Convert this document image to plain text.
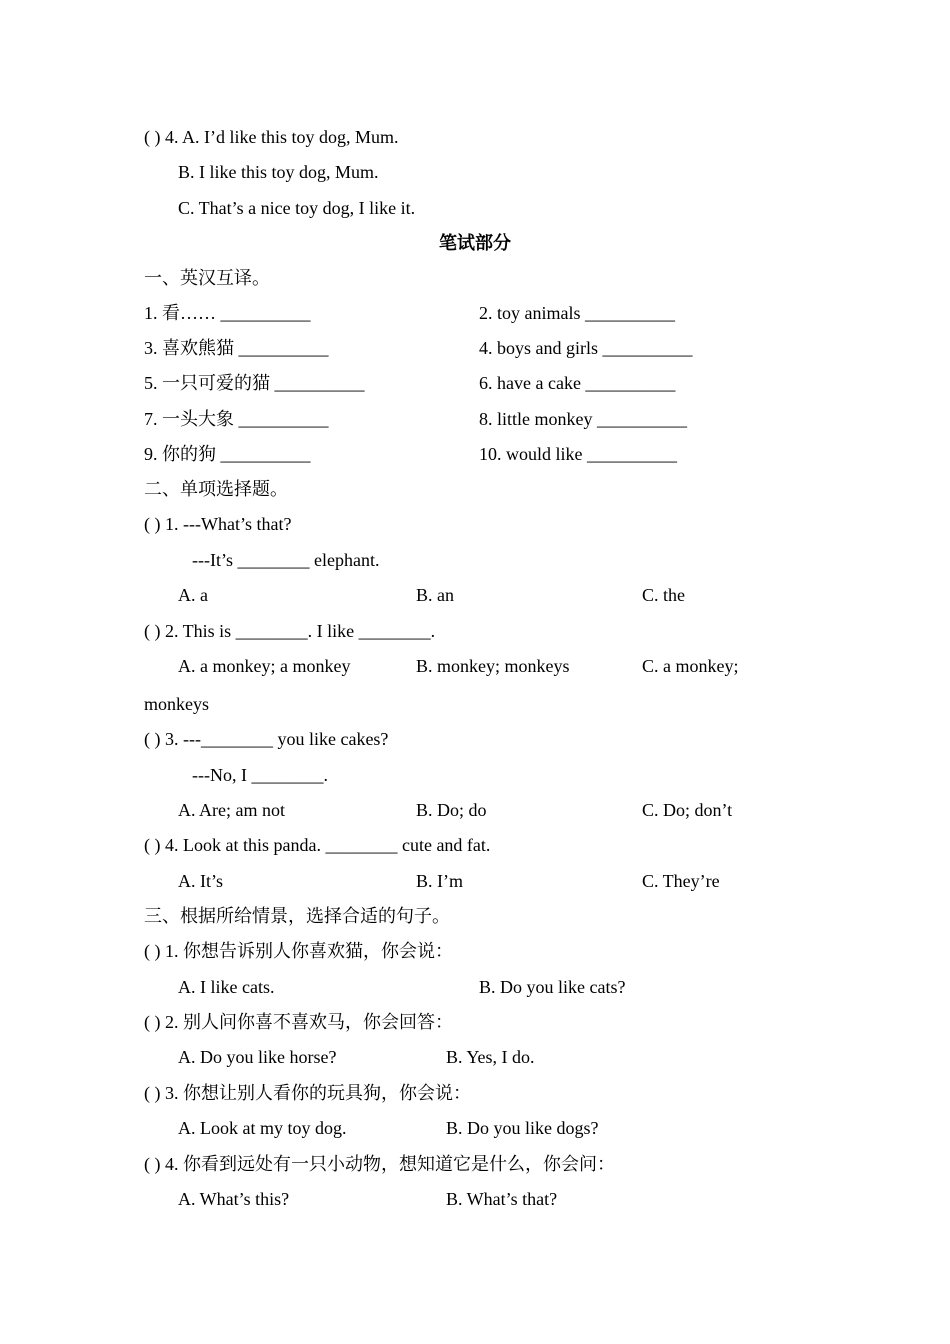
( ) 4. A. I’d like this toy dog, Mum.
B. I like this toy dog, Mum.
C. That’s a nice toy dog, I like it.
笔试部分
一、英汉互译。
1. 看…… __________	2. toy animals __________
3. 喜欢熊猫 __________	4. boys and girls __________
5. 一只可爱的猫 __________	6. have a cake __________
7. 一头大象 __________	8. little monkey __________
9. 你的狗 __________	10. would like __________
二、单项选择题。
( ) 1. ---What’s that?
---It’s ________ elephant.
A. a	B. an	C. the
( ) 2. This is ________. I like ________.
A. a monkey; a monkey	B. monkey; monkeys	C. a monkey;
monkeys
( ) 3. ---________ you like cakes?
---No, I ________.
A. Are; am not	B. Do; do	C. Do; don’t
( ) 4. Look at this panda. ________ cute and fat.
A. It’s	B. I’m	C. They’re
三、根据所给情景，选择合适的句子。
( ) 1. 你想告诉别人你喜欢猫，你会说：
A. I like cats.	B. Do you like cats?
( ) 2. 别人问你喜不喜欢马，你会回答：
A. Do you like horse?	B. Yes, I do.
( ) 3. 你想让别人看你的玩具狗，你会说：
A. Look at my toy dog.	B. Do you like dogs?
( ) 4. 你看到远处有一只小动物，想知道它是什么，你会问：
A. What’s this?	B. What’s that?
